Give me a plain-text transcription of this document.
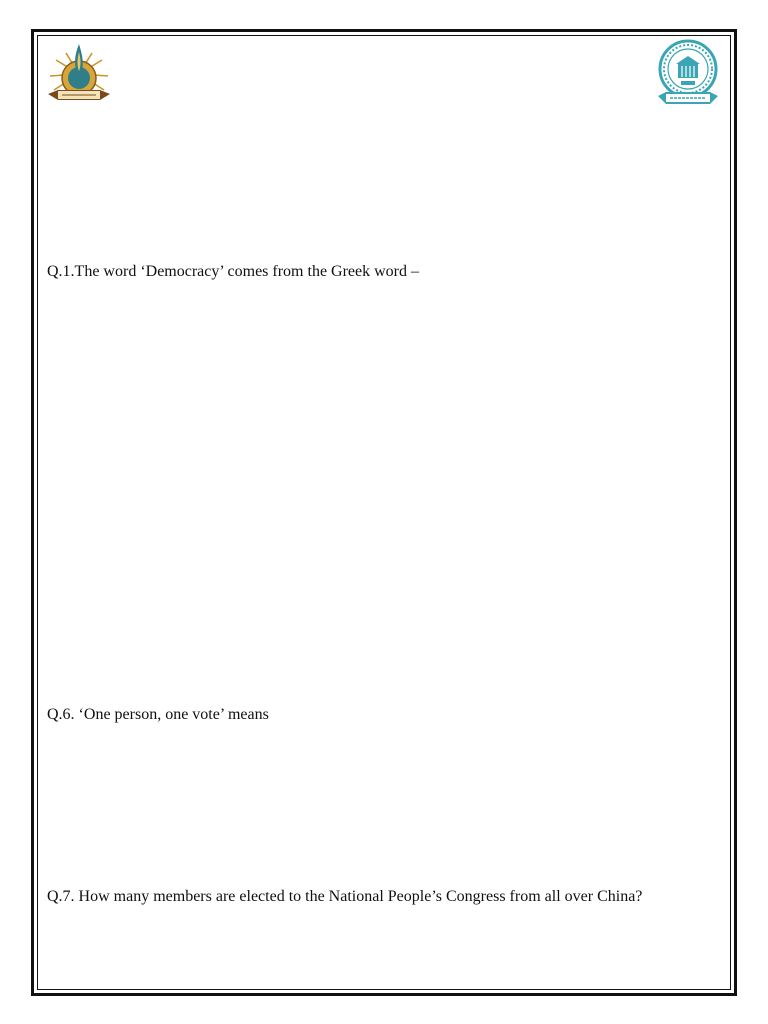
Q.1.The word ‘Democracy’ comes from the Greek word –
Q.6. ‘One person, one vote’ means
Q.7. How many members are elected to the National People’s Congress from all over China?
